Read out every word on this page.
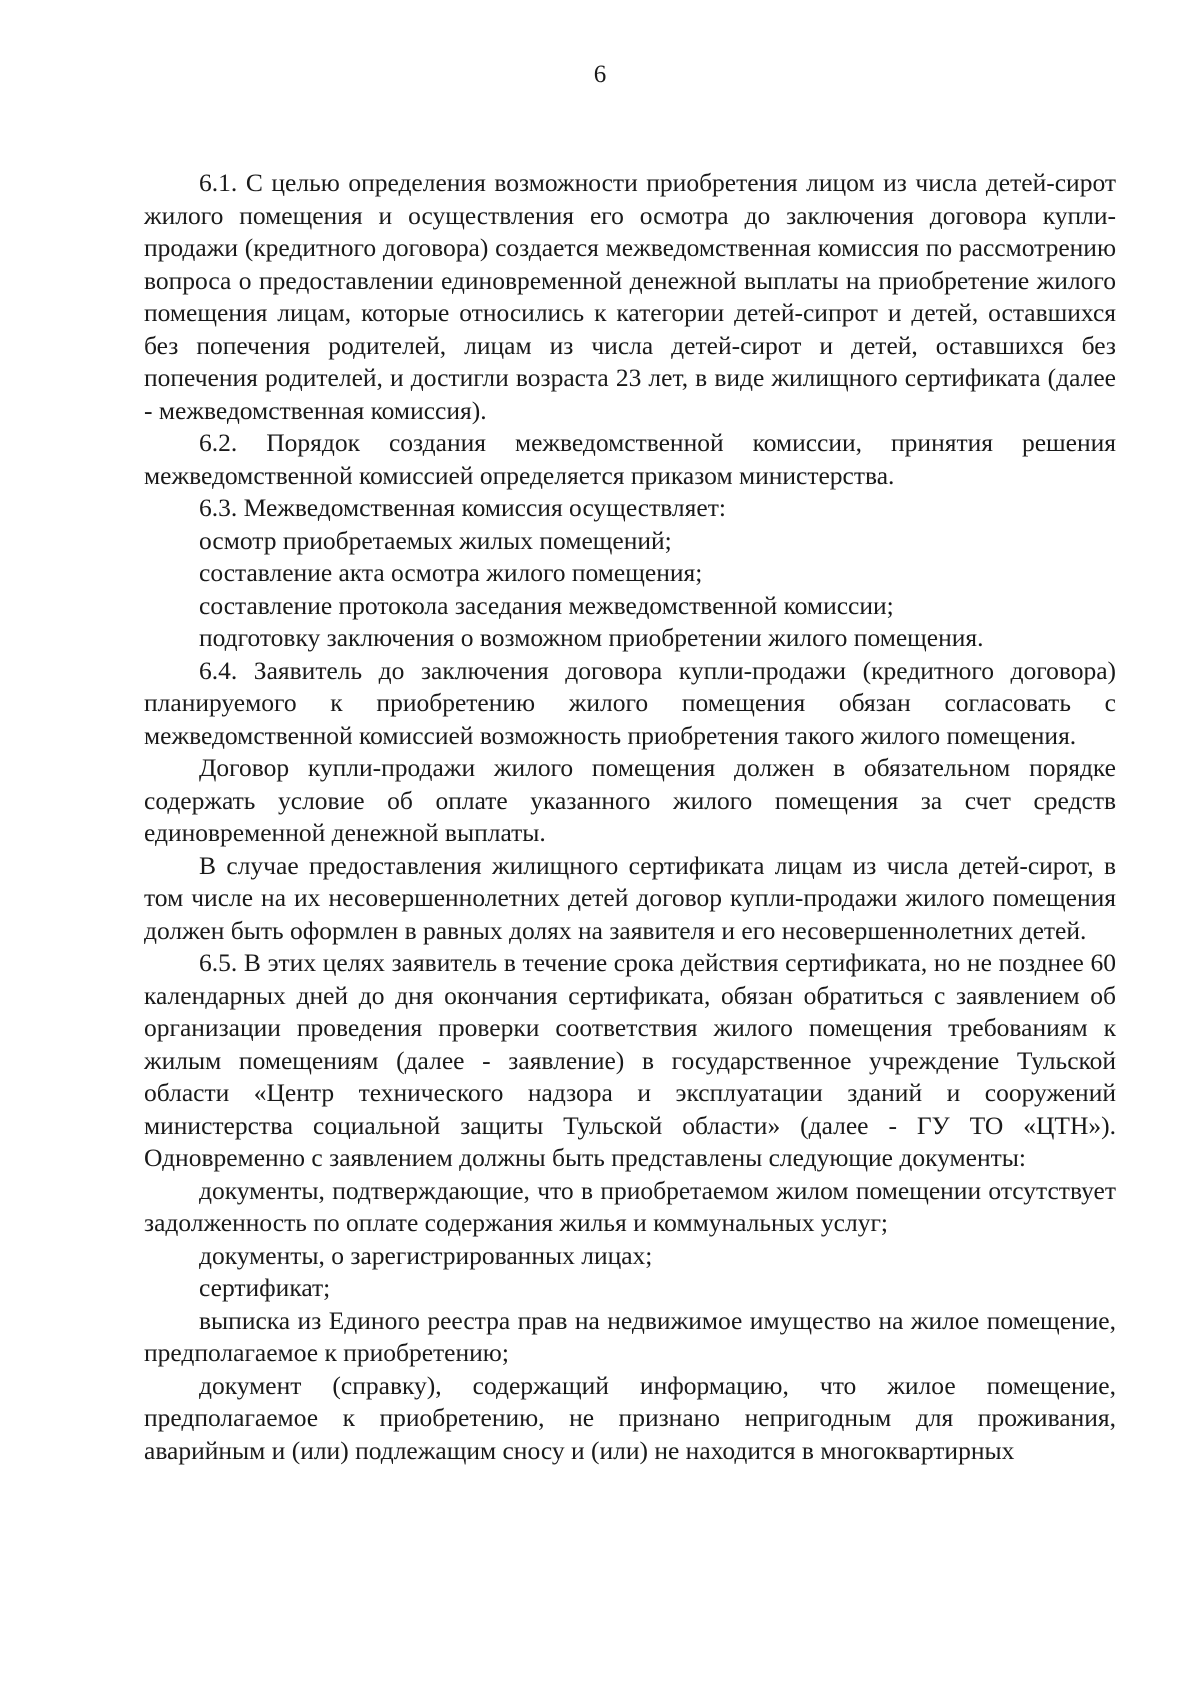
6

6.1. С целью определения возможности приобретения лицом из числа детей-сирот жилого помещения и осуществления его осмотра до заключения договора купли-продажи (кредитного договора) создается межведомственная комиссия по рассмотрению вопроса о предоставлении единовременной денежной выплаты на приобретение жилого помещения лицам, которые относились к категории детей-сипрот и детей, оставшихся без попечения родителей, лицам из числа детей-сирот и детей, оставшихся без попечения родителей, и достигли возраста 23 лет, в виде жилищного сертификата (далее - межведомственная комиссия).

6.2. Порядок создания межведомственной комиссии, принятия решения межведомственной комиссией определяется приказом министерства.

6.3. Межведомственная комиссия осуществляет:

осмотр приобретаемых жилых помещений;

составление акта осмотра жилого помещения;

составление протокола заседания межведомственной комиссии;

подготовку заключения о возможном приобретении жилого помещения.

6.4. Заявитель до заключения договора купли-продажи (кредитного договора) планируемого к приобретению жилого помещения обязан согласовать с межведомственной комиссией возможность приобретения такого жилого помещения.

Договор купли-продажи жилого помещения должен в обязательном порядке содержать условие об оплате указанного жилого помещения за счет средств единовременной денежной выплаты.

В случае предоставления жилищного сертификата лицам из числа детей-сирот, в том числе на их несовершеннолетних детей договор купли-продажи жилого помещения должен быть оформлен в равных долях на заявителя и его несовершеннолетних детей.

6.5. В этих целях заявитель в течение срока действия сертификата, но не позднее 60 календарных дней до дня окончания сертификата, обязан обратиться с заявлением об организации проведения проверки соответствия жилого помещения требованиям к жилым помещениям (далее - заявление) в государственное учреждение Тульской области «Центр технического надзора и эксплуатации зданий и сооружений министерства социальной защиты Тульской области» (далее - ГУ ТО «ЦТН»). Одновременно с заявлением должны быть представлены следующие документы:

документы, подтверждающие, что в приобретаемом жилом помещении отсутствует задолженность по оплате содержания жилья и коммунальных услуг;

документы, о зарегистрированных лицах;

сертификат;

выписка из Единого реестра прав на недвижимое имущество на жилое помещение, предполагаемое к приобретению;

документ (справку), содержащий информацию, что жилое помещение, предполагаемое к приобретению, не признано непригодным для проживания, аварийным и (или) подлежащим сносу и (или) не находится в многоквартирных
